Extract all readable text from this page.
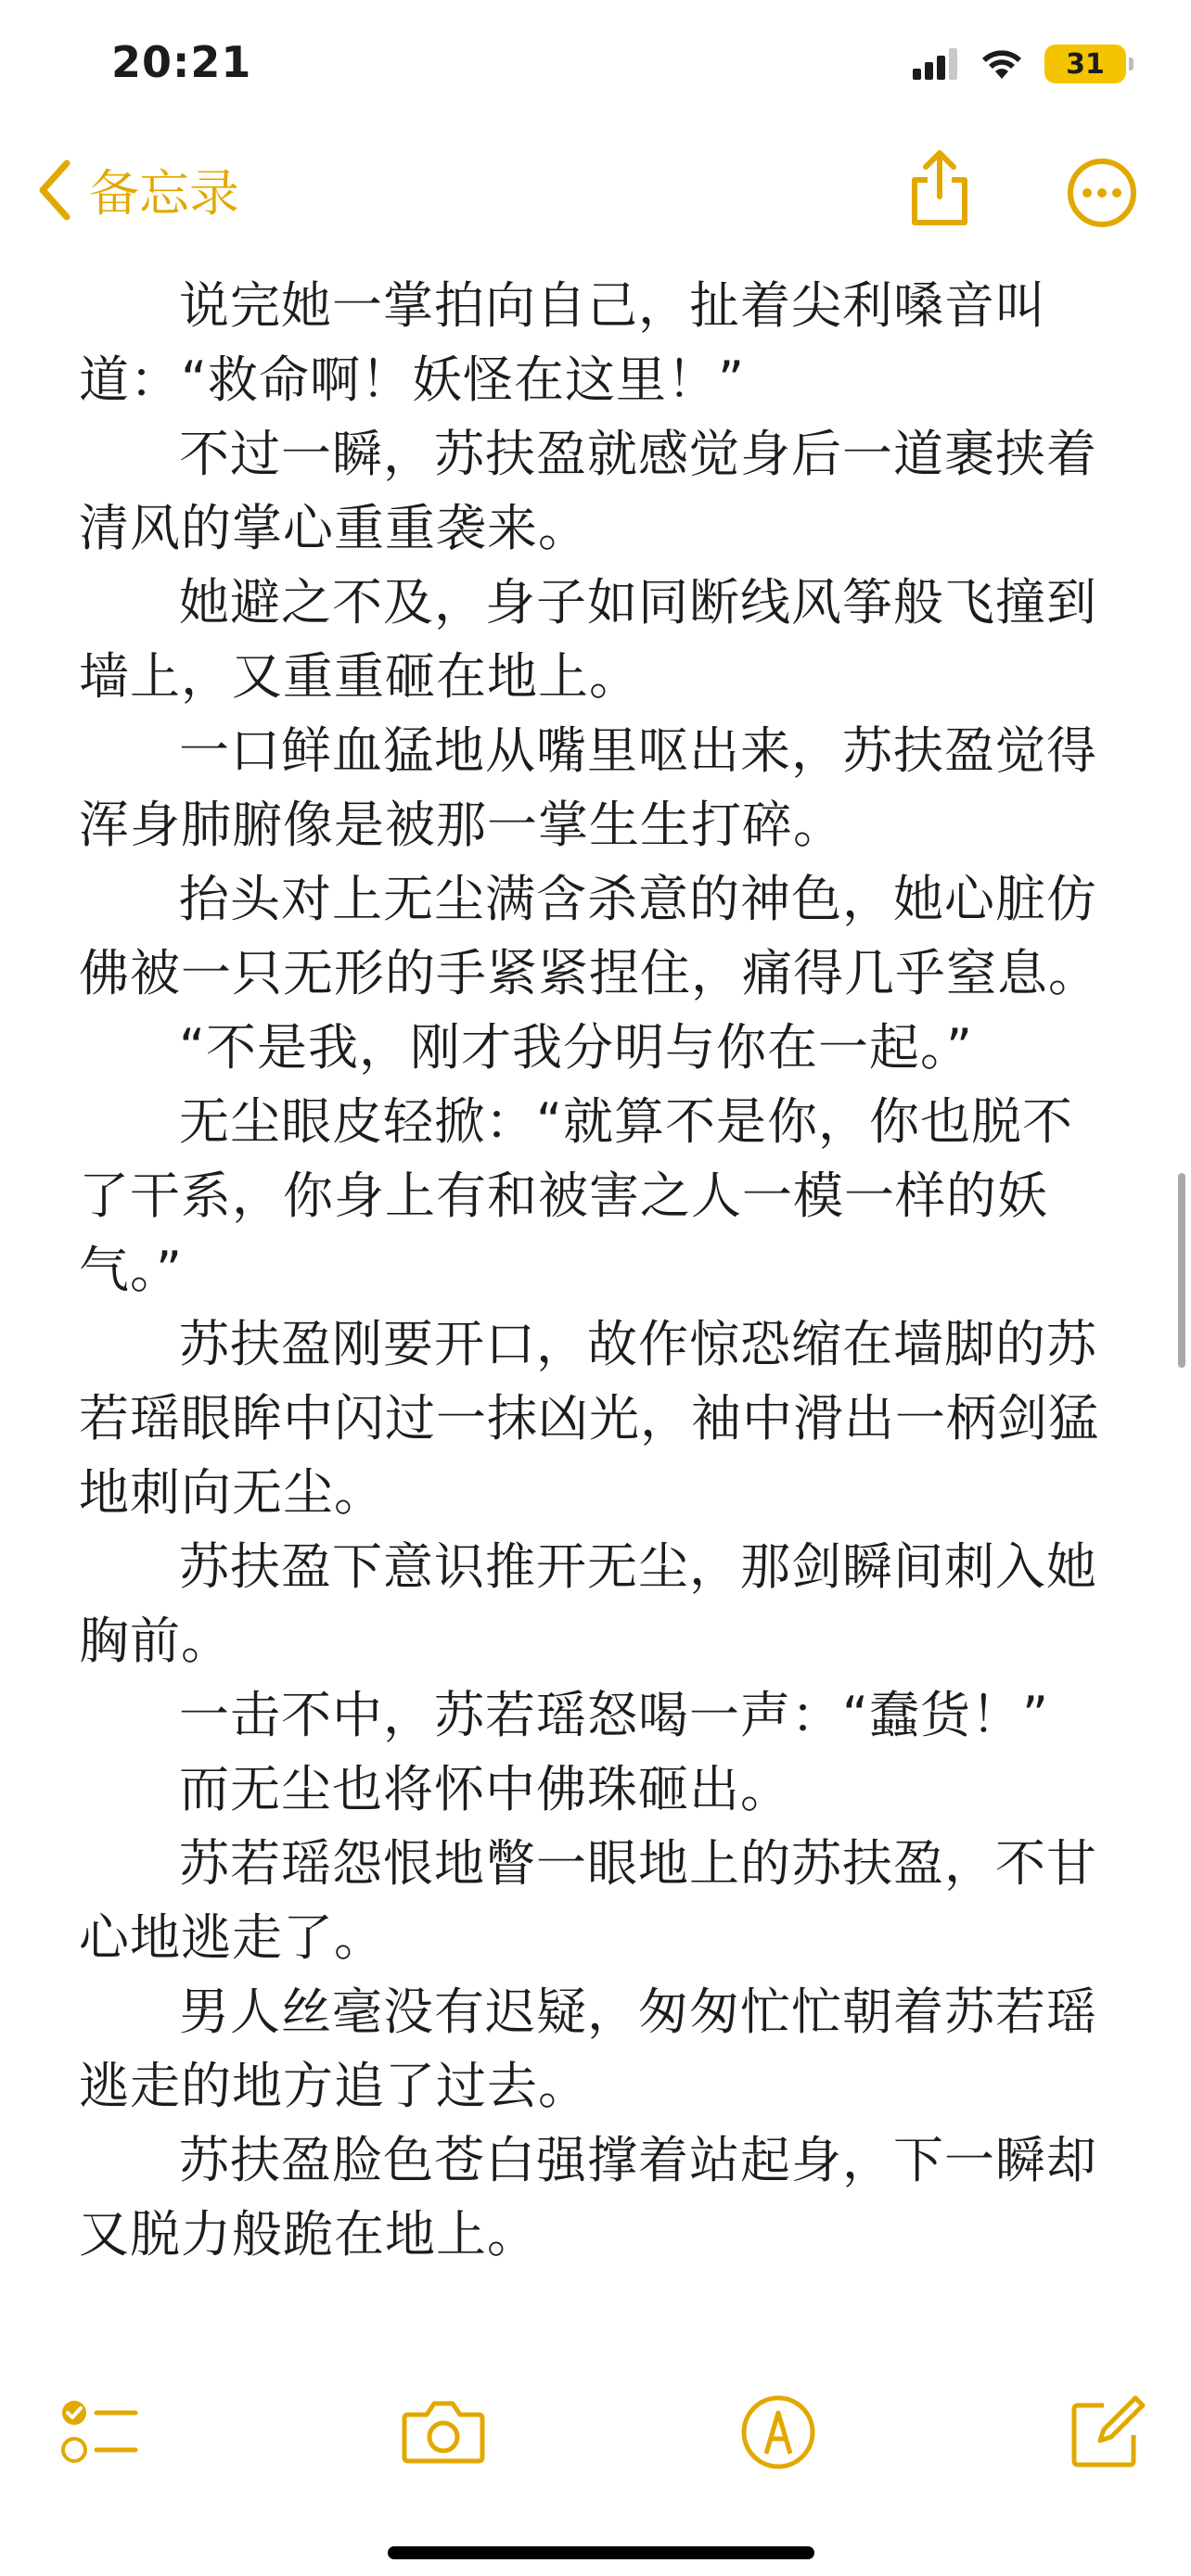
20:21	31
备忘录

说完她一掌拍向自己，扯着尖利嗓音叫道：“救命啊！妖怪在这里！”

不过一瞬，苏扶盈就感觉身后一道裹挟着清风的掌心重重袭来。

她避之不及，身子如同断线风筝般飞撞到墙上，又重重砸在地上。

一口鲜血猛地从嘴里呕出来，苏扶盈觉得浑身肺腑像是被那一掌生生打碎。

抬头对上无尘满含杀意的神色，她心脏仿佛被一只无形的手紧紧捏住，痛得几乎窒息。

“不是我，刚才我分明与你在一起。”

无尘眼皮轻掀：“就算不是你，你也脱不了干系，你身上有和被害之人一模一样的妖气。”

苏扶盈刚要开口，故作惊恐缩在墙脚的苏若瑶眼眸中闪过一抹凶光，袖中滑出一柄剑猛地刺向无尘。

苏扶盈下意识推开无尘，那剑瞬间刺入她胸前。

一击不中，苏若瑶怒喝一声：“蠢货！”

而无尘也将怀中佛珠砸出。

苏若瑶怨恨地瞥一眼地上的苏扶盈，不甘心地逃走了。

男人丝毫没有迟疑，匆匆忙忙朝着苏若瑶逃走的地方追了过去。

苏扶盈脸色苍白强撑着站起身，下一瞬却又脱力般跪在地上。
